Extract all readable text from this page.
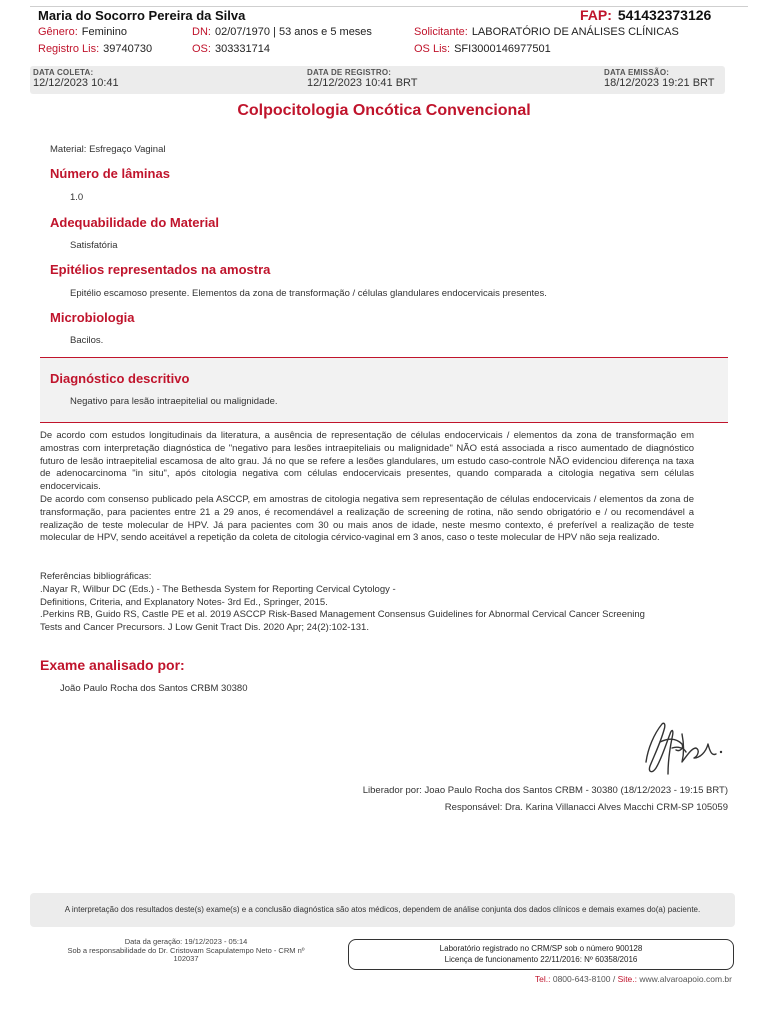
Maria do Socorro Pereira da Silva	FAP: 541432373126
Gênero: Feminino	DN: 02/07/1970 | 53 anos e 5 meses	Solicitante: LABORATÓRIO DE ANÁLISES CLÍNICAS
Registro Lis: 39740730	OS: 303331714	OS Lis: SFI3000146977501
DATA COLETA:
12/12/2023 10:41
DATA DE REGISTRO:
12/12/2023 10:41 BRT
DATA EMISSÃO:
18/12/2023 19:21 BRT
Colpocitologia Oncótica Convencional
Material: Esfregaço Vaginal
Número de lâminas
1.0
Adequabilidade do Material
Satisfatória
Epitélios representados na amostra
Epitélio escamoso presente. Elementos da zona de transformação / células glandulares endocervicais presentes.
Microbiologia
Bacilos.
Diagnóstico descritivo
Negativo para lesão intraepitelial ou malignidade.
De acordo com estudos longitudinais da literatura, a ausência de representação de células endocervicais / elementos da zona de transformação em amostras com interpretação diagnóstica de "negativo para lesões intraepiteliais ou malignidade" NÃO está associada a risco aumentado de diagnóstico futuro de lesão intraepitelial escamosa de alto grau. Já no que se refere a lesões glandulares, um estudo caso-controle NÃO evidenciou diferença na taxa de adenocarcinoma "in situ", após citologia negativa com células endocervicais presentes, quando comparada a citologia negativa sem células endocervicais.
De acordo com consenso publicado pela ASCCP, em amostras de citologia negativa sem representação de células endocervicais / elementos da zona de transformação, para pacientes entre 21 a 29 anos, é recomendável a realização de screening de rotina, não sendo obrigatório e / ou recomendável a realização de teste molecular de HPV. Já para pacientes com 30 ou mais anos de idade, neste mesmo contexto, é preferível a realização de teste molecular de HPV, sendo aceitável a repetição da coleta de citologia cérvico-vaginal em 3 anos, caso o teste molecular de HPV não seja realizado.
Referências bibliográficas:
.Nayar R, Wilbur DC (Eds.) - The Bethesda System for Reporting Cervical Cytology -
Definitions, Criteria, and Explanatory Notes- 3rd Ed., Springer, 2015.
.Perkins RB, Guido RS, Castle PE et al. 2019 ASCCP Risk-Based Management Consensus Guidelines for Abnormal Cervical Cancer Screening
Tests and Cancer Precursors. J Low Genit Tract Dis. 2020 Apr; 24(2):102-131.
Exame analisado por:
João Paulo Rocha dos Santos CRBM 30380
Liberador por: Joao Paulo Rocha dos Santos CRBM - 30380 (18/12/2023 - 19:15 BRT)
Responsável: Dra. Karina Villanacci Alves Macchi CRM-SP 105059
A interpretação dos resultados deste(s) exame(s) e a conclusão diagnóstica são atos médicos, dependem de análise conjunta dos dados clínicos e demais exames do(a) paciente.
Data da geração: 19/12/2023 - 05:14
Sob a responsabilidade do Dr. Cristovam Scapulatempo Neto - CRM nº
102037
Laboratório registrado no CRM/SP sob o número 900128
Licença de funcionamento 22/11/2016: Nº 60358/2016
Tel.: 0800-643-8100 / Site.: www.alvaroapoio.com.br
